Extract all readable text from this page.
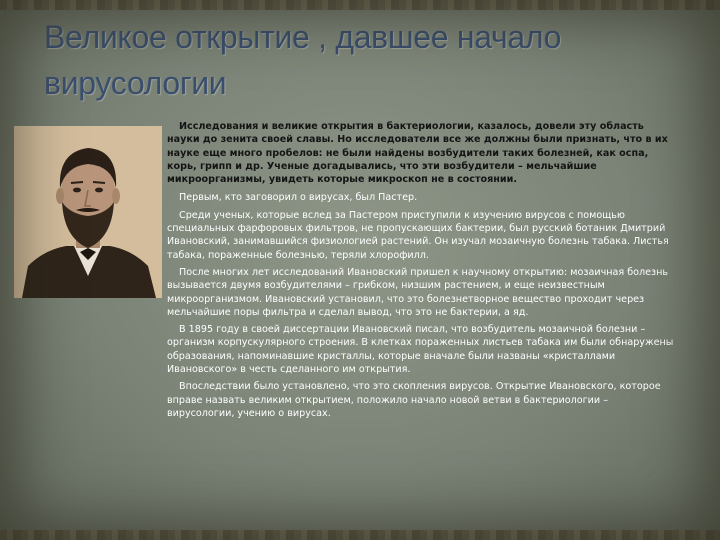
Великое открытие , давшее начало вирусологии

Исследования и великие открытия в бактериологии, казалось, довели эту область науки до зенита своей славы. Но исследователи все же должны были признать, что в их науке еще много пробелов: не были найдены возбудители таких болезней, как оспа, корь, грипп и др. Ученые догадывались, что эти возбудители – мельчайшие микроорганизмы, увидеть которые микроскоп не в состоянии.

Первым, кто заговорил о вирусах, был Пастер.

Среди ученых, которые вслед за Пастером приступили к изучению вирусов с помощью специальных фарфоровых фильтров, не пропускающих бактерии, был русский ботаник Дмитрий Ивановский, занимавшийся физиологией растений. Он изучал мозаичную болезнь табака. Листья табака, пораженные болезнью, теряли хлорофилл.

После многих лет исследований Ивановский пришел к научному открытию: мозаичная болезнь вызывается двумя возбудителями – грибком, низшим растением, и еще неизвестным микроорганизмом. Ивановский установил, что это болезнетворное вещество проходит через мельчайшие поры фильтра и сделал вывод, что это не бактерии, а яд.

В 1895 году в своей диссертации Ивановский писал, что возбудитель мозаичной болезни – организм корпускулярного строения. В клетках пораженных листьев табака им были обнаружены образования, напоминавшие кристаллы, которые вначале были названы «кристаллами Ивановского» в честь сделанного им открытия.

Впоследствии было установлено, что это скопления вирусов. Открытие Ивановского, которое вправе назвать великим открытием, положило начало новой ветви в бактериологии – вирусологии, учению о вирусах.
